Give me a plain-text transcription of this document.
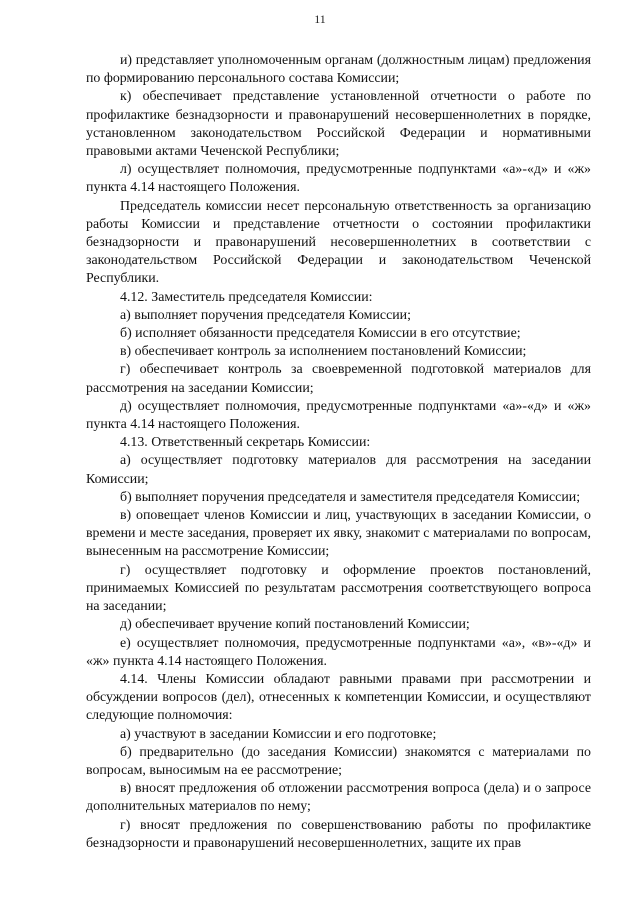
11

и) представляет уполномоченным органам (должностным лицам) предложения по формированию персонального состава Комиссии;

к) обеспечивает представление установленной отчетности о работе по профилактике безнадзорности и правонарушений несовершеннолетних в порядке, установленном законодательством Российской Федерации и нормативными правовыми актами Чеченской Республики;

л) осуществляет полномочия, предусмотренные подпунктами «а»-«д» и «ж» пункта 4.14 настоящего Положения.

Председатель комиссии несет персональную ответственность за организацию работы Комиссии и представление отчетности о состоянии профилактики безнадзорности и правонарушений несовершеннолетних в соответствии с законодательством Российской Федерации и законодательством Чеченской Республики.

4.12. Заместитель председателя Комиссии:

а) выполняет поручения председателя Комиссии;

б) исполняет обязанности председателя Комиссии в его отсутствие;

в) обеспечивает контроль за исполнением постановлений Комиссии;

г) обеспечивает контроль за своевременной подготовкой материалов для рассмотрения на заседании Комиссии;

д) осуществляет полномочия, предусмотренные подпунктами «а»-«д» и «ж» пункта 4.14 настоящего Положения.

4.13. Ответственный секретарь Комиссии:

а) осуществляет подготовку материалов для рассмотрения на заседании Комиссии;

б) выполняет поручения председателя и заместителя председателя Комиссии;

в) оповещает членов Комиссии и лиц, участвующих в заседании Комиссии, о времени и месте заседания, проверяет их явку, знакомит с материалами по вопросам, вынесенным на рассмотрение Комиссии;

г) осуществляет подготовку и оформление проектов постановлений, принимаемых Комиссией по результатам рассмотрения соответствующего вопроса на заседании;

д) обеспечивает вручение копий постановлений Комиссии;

е) осуществляет полномочия, предусмотренные подпунктами «а», «в»-«д» и «ж» пункта 4.14 настоящего Положения.

4.14. Члены Комиссии обладают равными правами при рассмотрении и обсуждении вопросов (дел), отнесенных к компетенции Комиссии, и осуществляют следующие полномочия:

а) участвуют в заседании Комиссии и его подготовке;

б) предварительно (до заседания Комиссии) знакомятся с материалами по вопросам, выносимым на ее рассмотрение;

в) вносят предложения об отложении рассмотрения вопроса (дела) и о запросе дополнительных материалов по нему;

г) вносят предложения по совершенствованию работы по профилактике безнадзорности и правонарушений несовершеннолетних, защите их прав
